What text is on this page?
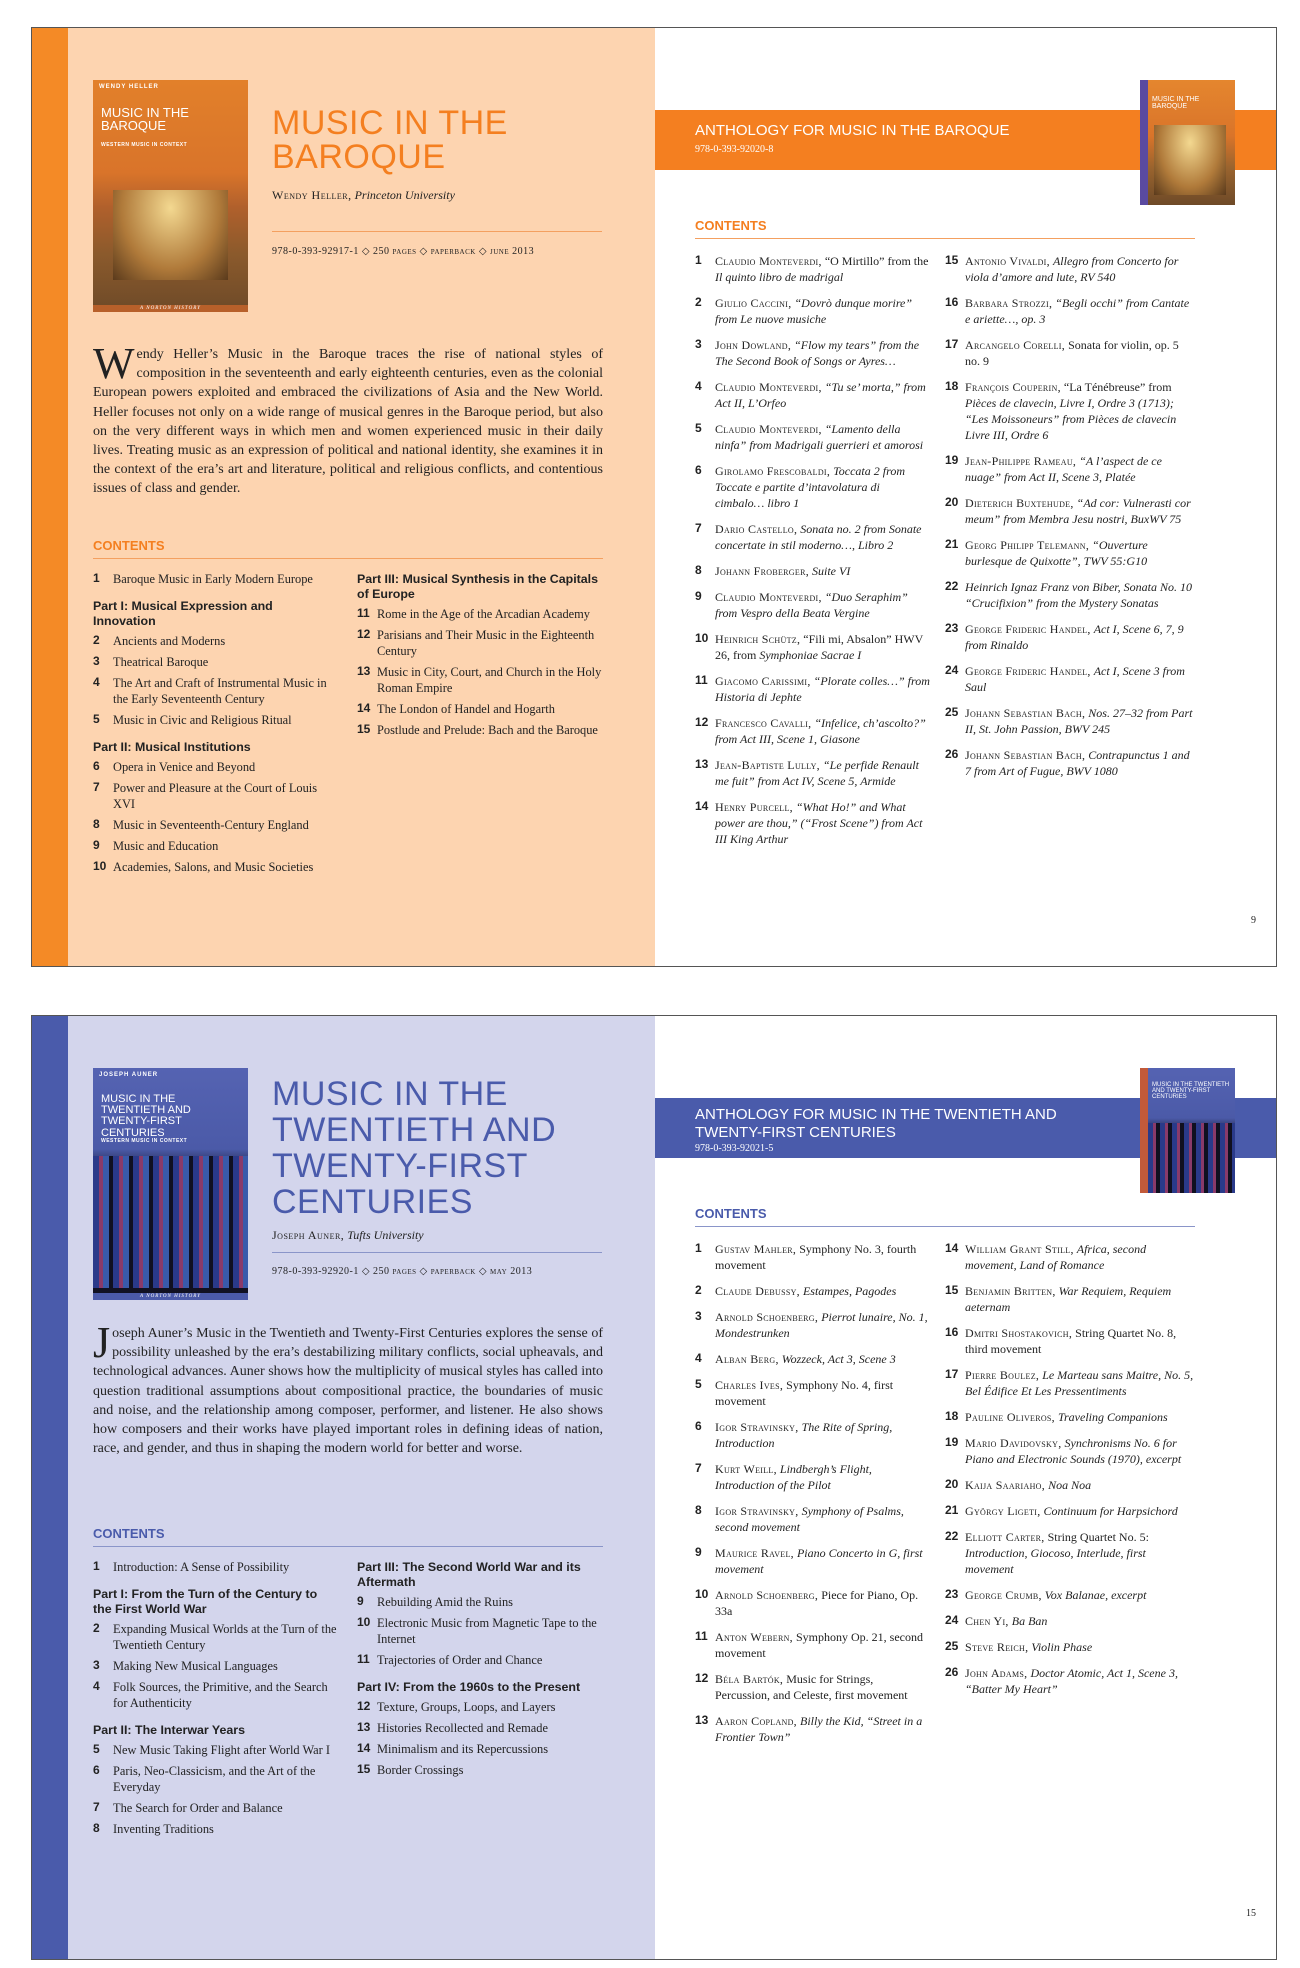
WENDY HELLER
MUSIC IN THE BAROQUE
WESTERN MUSIC IN CONTEXT
A NORTON HISTORY
MUSIC IN THE BAROQUE
Wendy Heller, Princeton University
978-0-393-92917-1 ◇ 250 pages ◇ paperback ◇ june 2013
Wendy Heller’s Music in the Baroque traces the rise of national styles of composition in the seventeenth and early eighteenth centuries, even as the colonial European powers exploited and embraced the civilizations of Asia and the New World. Heller focuses not only on a wide range of musical genres in the Baroque period, but also on the very different ways in which men and women experienced music in their daily lives. Treating music as an expression of political and national identity, she examines it in the context of the era’s art and literature, political and religious conflicts, and contentious issues of class and gender.
CONTENTS
1	Baroque Music in Early Modern Europe
Part I: Musical Expression and Innovation
2	Ancients and Moderns
3	Theatrical Baroque
4	The Art and Craft of Instrumental Music in the Early Seventeenth Century
5	Music in Civic and Religious Ritual
Part II: Musical Institutions
6	Opera in Venice and Beyond
7	Power and Pleasure at the Court of Louis XVI
8	Music in Seventeenth-Century England
9	Music and Education
10 Academies, Salons, and Music Societies
Part III: Musical Synthesis in the Capitals of Europe
11 Rome in the Age of the Arcadian Academy
12 Parisians and Their Music in the Eighteenth Century
13 Music in City, Court, and Church in the Holy Roman Empire
14 The London of Handel and Hogarth
15 Postlude and Prelude: Bach and the Baroque
ANTHOLOGY FOR MUSIC IN THE BAROQUE
978-0-393-92020-8
MUSIC IN THE BAROQUE
CONTENTS
1	Claudio Monteverdi, “O Mirtillo” from the Il quinto libro de madrigal
2	Giulio Caccini, “Dovrò dunque morire” from Le nuove musiche
3	John Dowland, “Flow my tears” from the The Second Book of Songs or Ayres…
4	Claudio Monteverdi, “Tu se’ morta,” from Act II, L’Orfeo
5	Claudio Monteverdi, “Lamento della ninfa” from Madrigali guerrieri et amorosi
6	Girolamo Frescobaldi, Toccata 2 from Toccate e partite d’intavolatura di cimbalo… libro 1
7	Dario Castello, Sonata no. 2 from Sonate concertate in stil moderno…, Libro 2
8	Johann Froberger, Suite VI
9	Claudio Monteverdi, “Duo Seraphim” from Vespro della Beata Vergine
10 Heinrich Schütz, “Fili mi, Absalon” HWV 26, from Symphoniae Sacrae I
11 Giacomo Carissimi, “Plorate colles…” from Historia di Jephte
12 Francesco Cavalli, “Infelice, ch’ascolto?” from Act III, Scene 1, Giasone
13 Jean-Baptiste Lully, “Le perfide Renault me fuit” from Act IV, Scene 5, Armide
14 Henry Purcell, “What Ho!” and What power are thou,” (“Frost Scene”) from Act III King Arthur
15 Antonio Vivaldi, Allegro from Concerto for viola d’amore and lute, RV 540
16 Barbara Strozzi, “Begli occhi” from Cantate e ariette…, op. 3
17 Arcangelo Corelli, Sonata for violin, op. 5 no. 9
18 François Couperin, “La Ténébreuse” from Pièces de clavecin, Livre I, Ordre 3 (1713); “Les Moissoneurs” from Pièces de clavecin Livre III, Ordre 6
19 Jean-Philippe Rameau, “A l’aspect de ce nuage” from Act II, Scene 3, Platée
20 Dieterich Buxtehude, “Ad cor: Vulnerasti cor meum” from Membra Jesu nostri, BuxWV 75
21 Georg Philipp Telemann, “Ouverture burlesque de Quixotte”, TWV 55:G10
22 Heinrich Ignaz Franz von Biber, Sonata No. 10 “Crucifixion” from the Mystery Sonatas
23 George Frideric Handel, Act I, Scene 6, 7, 9 from Rinaldo
24 George Frideric Handel, Act I, Scene 3 from Saul
25 Johann Sebastian Bach, Nos. 27–32 from Part II, St. John Passion, BWV 245
26 Johann Sebastian Bach, Contrapunctus 1 and 7 from Art of Fugue, BWV 1080
9
JOSEPH AUNER
MUSIC IN THE TWENTIETH AND TWENTY-FIRST CENTURIES
WESTERN MUSIC IN CONTEXT
A NORTON HISTORY
MUSIC IN THE TWENTIETH AND TWENTY-FIRST CENTURIES
Joseph Auner, Tufts University
978-0-393-92920-1 ◇ 250 pages ◇ paperback ◇ may 2013
Joseph Auner’s Music in the Twentieth and Twenty-First Centuries explores the sense of possibility unleashed by the era’s destabilizing military conflicts, social upheavals, and technological advances. Auner shows how the multiplicity of musical styles has called into question traditional assumptions about compositional practice, the boundaries of music and noise, and the relationship among composer, performer, and listener. He also shows how composers and their works have played important roles in defining ideas of nation, race, and gender, and thus in shaping the modern world for better and worse.
CONTENTS
1	Introduction: A Sense of Possibility
Part I: From the Turn of the Century to the First World War
2	Expanding Musical Worlds at the Turn of the Twentieth Century
3	Making New Musical Languages
4	Folk Sources, the Primitive, and the Search for Authenticity
Part II: The Interwar Years
5	New Music Taking Flight after World War I
6	Paris, Neo-Classicism, and the Art of the Everyday
7	The Search for Order and Balance
8	Inventing Traditions
Part III: The Second World War and its Aftermath
9	Rebuilding Amid the Ruins
10 Electronic Music from Magnetic Tape to the Internet
11 Trajectories of Order and Chance
Part IV: From the 1960s to the Present
12 Texture, Groups, Loops, and Layers
13 Histories Recollected and Remade
14 Minimalism and its Repercussions
15 Border Crossings
ANTHOLOGY FOR MUSIC IN THE TWENTIETH AND TWENTY-FIRST CENTURIES
978-0-393-92021-5
MUSIC IN THE TWENTIETH AND TWENTY-FIRST CENTURIES
CONTENTS
1	Gustav Mahler, Symphony No. 3, fourth movement
2	Claude Debussy, Estampes, Pagodes
3	Arnold Schoenberg, Pierrot lunaire, No. 1, Mondestrunken
4	Alban Berg, Wozzeck, Act 3, Scene 3
5	Charles Ives, Symphony No. 4, first movement
6	Igor Stravinsky, The Rite of Spring, Introduction
7	Kurt Weill, Lindbergh’s Flight, Introduction of the Pilot
8	Igor Stravinsky, Symphony of Psalms, second movement
9	Maurice Ravel, Piano Concerto in G, first movement
10 Arnold Schoenberg, Piece for Piano, Op. 33a
11 Anton Webern, Symphony Op. 21, second movement
12 Béla Bartók, Music for Strings, Percussion, and Celeste, first movement
13 Aaron Copland, Billy the Kid, “Street in a Frontier Town”
14 William Grant Still, Africa, second movement, Land of Romance
15 Benjamin Britten, War Requiem, Requiem aeternam
16 Dmitri Shostakovich, String Quartet No. 8, third movement
17 Pierre Boulez, Le Marteau sans Maitre, No. 5, Bel Édifice Et Les Pressentiments
18 Pauline Oliveros, Traveling Companions
19 Mario Davidovsky, Synchronisms No. 6 for Piano and Electronic Sounds (1970), excerpt
20 Kaija Saariaho, Noa Noa
21 György Ligeti, Continuum for Harpsichord
22 Elliott Carter, String Quartet No. 5: Introduction, Giocoso, Interlude, first movement
23 George Crumb, Vox Balanae, excerpt
24 Chen Yi, Ba Ban
25 Steve Reich, Violin Phase
26 John Adams, Doctor Atomic, Act 1, Scene 3, “Batter My Heart”
15
